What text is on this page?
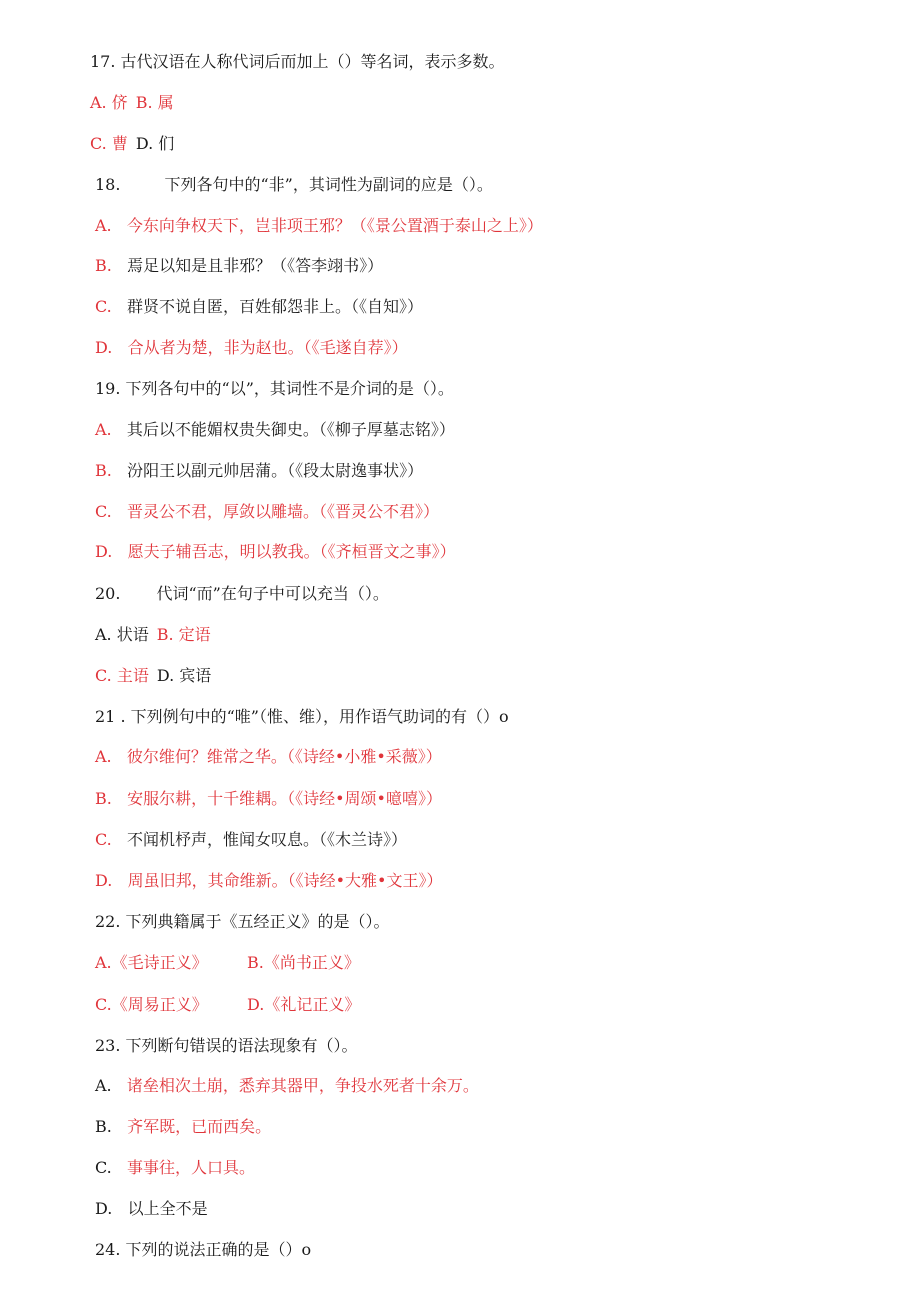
17. 古代汉语在人称代词后而加上（）等名词，表示多数。
A. 侪 B. 属
C. 曹 D. 们
18.	下列各句中的“非”，其词性为副词的应是（）。
A. 今东向争权天下，岂非项王邪？（《景公置酒于泰山之上》）
B. 焉足以知是且非邪？（《答李翊书》）
C. 群贤不说自匿，百姓郁怨非上。（《自知》）
D. 合从者为楚，非为赵也。（《毛遂自荐》）
19. 下列各句中的“以”，其词性不是介词的是（）。
A. 其后以不能媚权贵失御史。（《柳子厚墓志铭》）
B. 汾阳王以副元帅居蒲。（《段太尉逸事状》）
C. 晋灵公不君，厚敛以雕墙。（《晋灵公不君》）
D. 愿夫子辅吾志，明以教我。（《齐桓晋文之事》）
20. 代词“而”在句子中可以充当（）。
A. 状语 B. 定语
C. 主语 D. 宾语
21 . 下列例句中的“唯”（惟、维），用作语气助词的有（）o
A. 彼尔维何？维常之华。（《诗经•小雅•采薇》）
B. 安服尔耕，十千维耦。（《诗经•周颂•噫嘻》）
C. 不闻机杼声，惟闻女叹息。（《木兰诗》）
D. 周虽旧邦，其命维新。（《诗经•大雅•文王》）
22. 下列典籍属于《五经正义》的是（）。
A.《毛诗正义》 B.《尚书正义》
C.《周易正义》 D.《礼记正义》
23. 下列断句错误的语法现象有（）。
A. 诸垒相次土崩，悉弃其器甲，争投水死者十余万。
B. 齐军既，已而西矣。
C. 事事往，人口具。
D. 以上全不是
24. 下列的说法正确的是（）o
